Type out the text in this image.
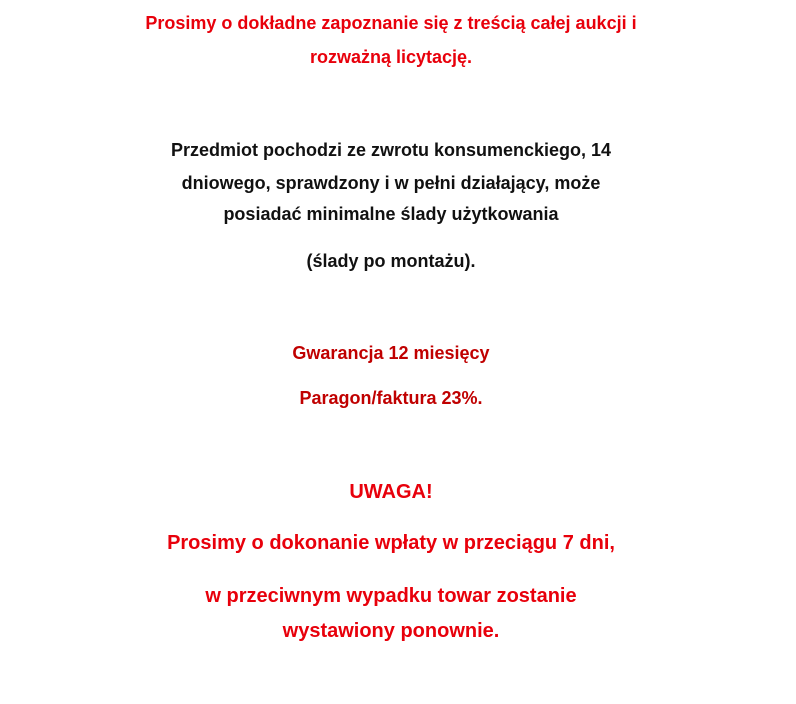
Prosimy o dokładne zapoznanie się z treścią całej aukcji i
rozważną licytację.
Przedmiot pochodzi ze zwrotu konsumenckiego, 14
dniowego, sprawdzony i w pełni działający, może
posiadać minimalne ślady użytkowania
(ślady po montażu).
Gwarancja 12 miesięcy
Paragon/faktura 23%.
UWAGA!
Prosimy o dokonanie wpłaty w przeciągu 7 dni,
w przeciwnym wypadku towar zostanie
wystawiony ponownie.
